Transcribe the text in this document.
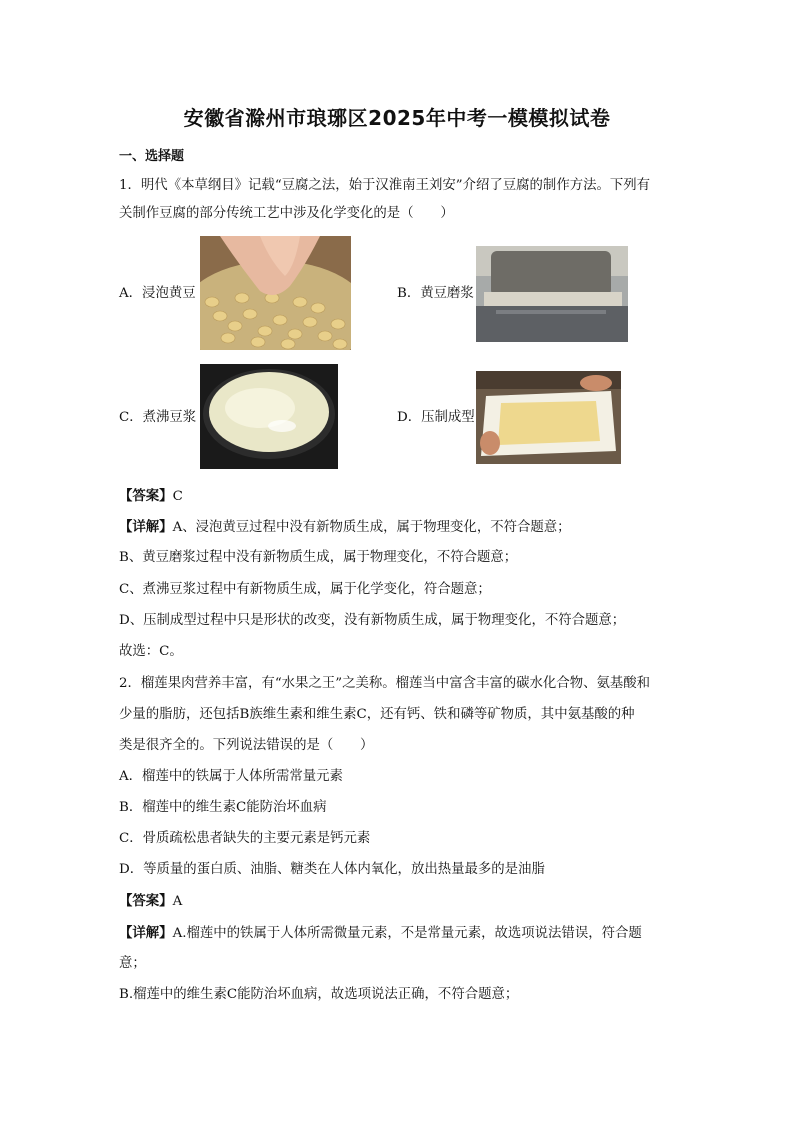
安徽省滁州市琅琊区2025年中考一模模拟试卷
一、选择题
1．明代《本草纲目》记载“豆腐之法，始于汉淮南王刘安”介绍了豆腐的制作方法。下列有
关制作豆腐的部分传统工艺中涉及化学变化的是（　　）
A．浸泡黄豆	B．黄豆磨浆
C．煮沸豆浆	D．压制成型
【答案】C
【详解】A、浸泡黄豆过程中没有新物质生成，属于物理变化，不符合题意；
B、黄豆磨浆过程中没有新物质生成，属于物理变化，不符合题意；
C、煮沸豆浆过程中有新物质生成，属于化学变化，符合题意；
D、压制成型过程中只是形状的改变，没有新物质生成，属于物理变化，不符合题意；
故选：C。
2．榴莲果肉营养丰富，有“水果之王”之美称。榴莲当中富含丰富的碳水化合物、氨基酸和
少量的脂肪，还包括B族维生素和维生素C，还有钙、铁和磷等矿物质，其中氨基酸的种
类是很齐全的。下列说法错误的是（　　）
A．榴莲中的铁属于人体所需常量元素
B．榴莲中的维生素C能防治坏血病
C．骨质疏松患者缺失的主要元素是钙元素
D．等质量的蛋白质、油脂、糖类在人体内氧化，放出热量最多的是油脂
【答案】A
【详解】A.榴莲中的铁属于人体所需微量元素，不是常量元素，故选项说法错误，符合题
意；
B.榴莲中的维生素C能防治坏血病，故选项说法正确，不符合题意；
